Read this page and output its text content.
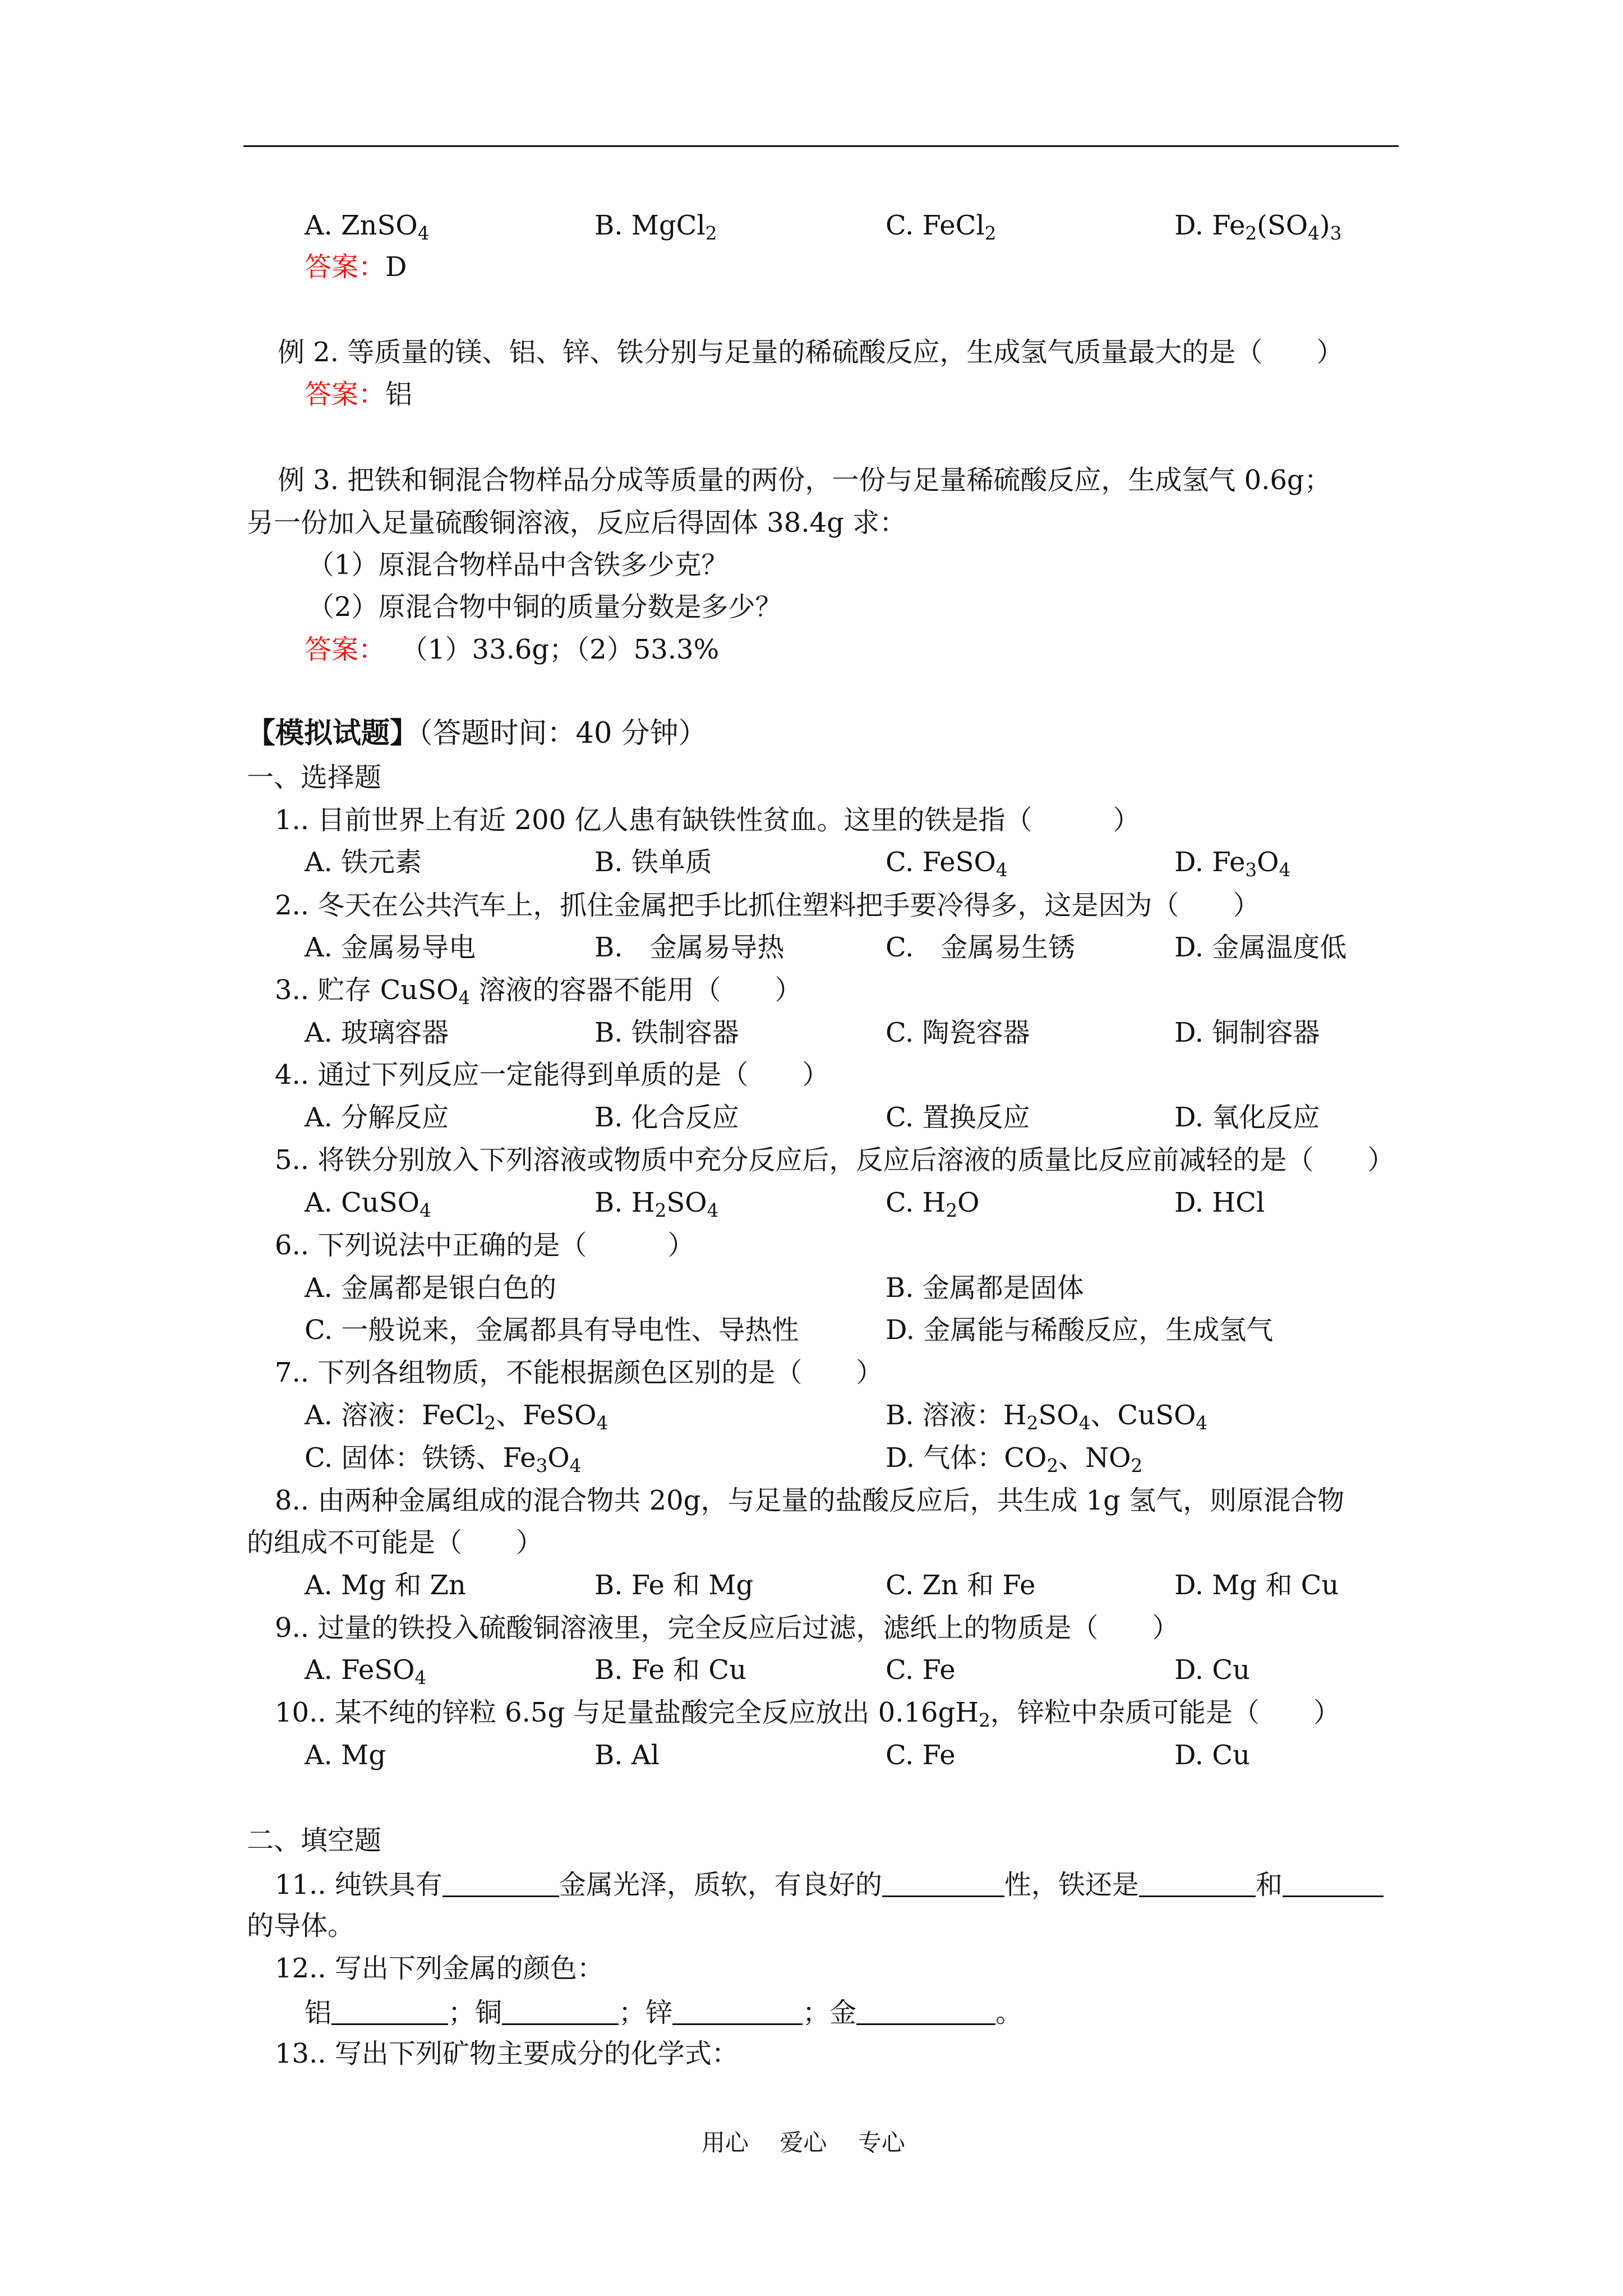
A. ZnSO$_4$	B. MgCl$_2$	C. FeCl$_2$	D. $Fe_2(SO_4)_3$
答案：D
例 2. 等质量的镁、铝、锌、铁分别与足量的稀硫酸反应，生成氢气质量最大的是（　　）
答案：铝
例 3. 把铁和铜混合物样品分成等质量的两份，一份与足量稀硫酸反应，生成氢气 0.6g；
另一份加入足量硫酸铜溶液，反应后得固体 38.4g 求：
（1）原混合物样品中含铁多少克？
（2）原混合物中铜的质量分数是多少？
答案： （1）33.6g；（2）53.3%
【模拟试题】（答题时间：40 分钟）
一、选择题
1.. 目前世界上有近 200 亿人患有缺铁性贫血。这里的铁是指（　　　）
A. 铁元素	B. 铁单质	C. FeSO$_4$	D. $Fe_3O_4$
2.. 冬天在公共汽车上，抓住金属把手比抓住塑料把手要冷得多，这是因为（　　）
A. 金属易导电	B.　金属易导热	C.　金属易生锈	D. 金属温度低
3.. 贮存 CuSO$_4$ 溶液的容器不能用（　　）
A. 玻璃容器	B. 铁制容器	C. 陶瓷容器	D. 铜制容器
4.. 通过下列反应一定能得到单质的是（　　）
A. 分解反应	B. 化合反应	C. 置换反应	D. 氧化反应
5.. 将铁分别放入下列溶液或物质中充分反应后，反应后溶液的质量比反应前减轻的是（　　）
A. CuSO$_4$	B. $H_2SO_4$	C. $H_2O$	D. HCl
6.. 下列说法中正确的是（　　　）
A. 金属都是银白色的	B. 金属都是固体
C. 一般说来，金属都具有导电性、导热性	D. 金属能与稀酸反应，生成氢气
7.. 下列各组物质，不能根据颜色区别的是（　　）
A. 溶液：FeCl$_2$、FeSO$_4$	B. 溶液：$H_2SO_4$、CuSO$_4$
C. 固体：铁锈、$Fe_3O_4$	D. 气体：$CO_2$、$NO_2$
8.. 由两种金属组成的混合物共 20g，与足量的盐酸反应后，共生成 1g 氢气，则原混合物
的组成不可能是（　　）
A. Mg 和 Zn	B. Fe 和 Mg	C. Zn 和 Fe	D. Mg 和 Cu
9.. 过量的铁投入硫酸铜溶液里，完全反应后过滤，滤纸上的物质是（　　）
A. FeSO$_4$	B. Fe 和 Cu	C. Fe	D. Cu
10.. 某不纯的锌粒 6.5g 与足量盐酸完全反应放出 $0.16gH_2$，锌粒中杂质可能是（　　）
A. Mg	B. Al	C. Fe	D. Cu
二、填空题
11.. 纯铁具有	金属光泽，质软，有良好的	性，铁还是	和
的导体。
12.. 写出下列金属的颜色：
铝	；铜	；锌	；金	。
13.. 写出下列矿物主要成分的化学式：
用心　 爱心　 专心
